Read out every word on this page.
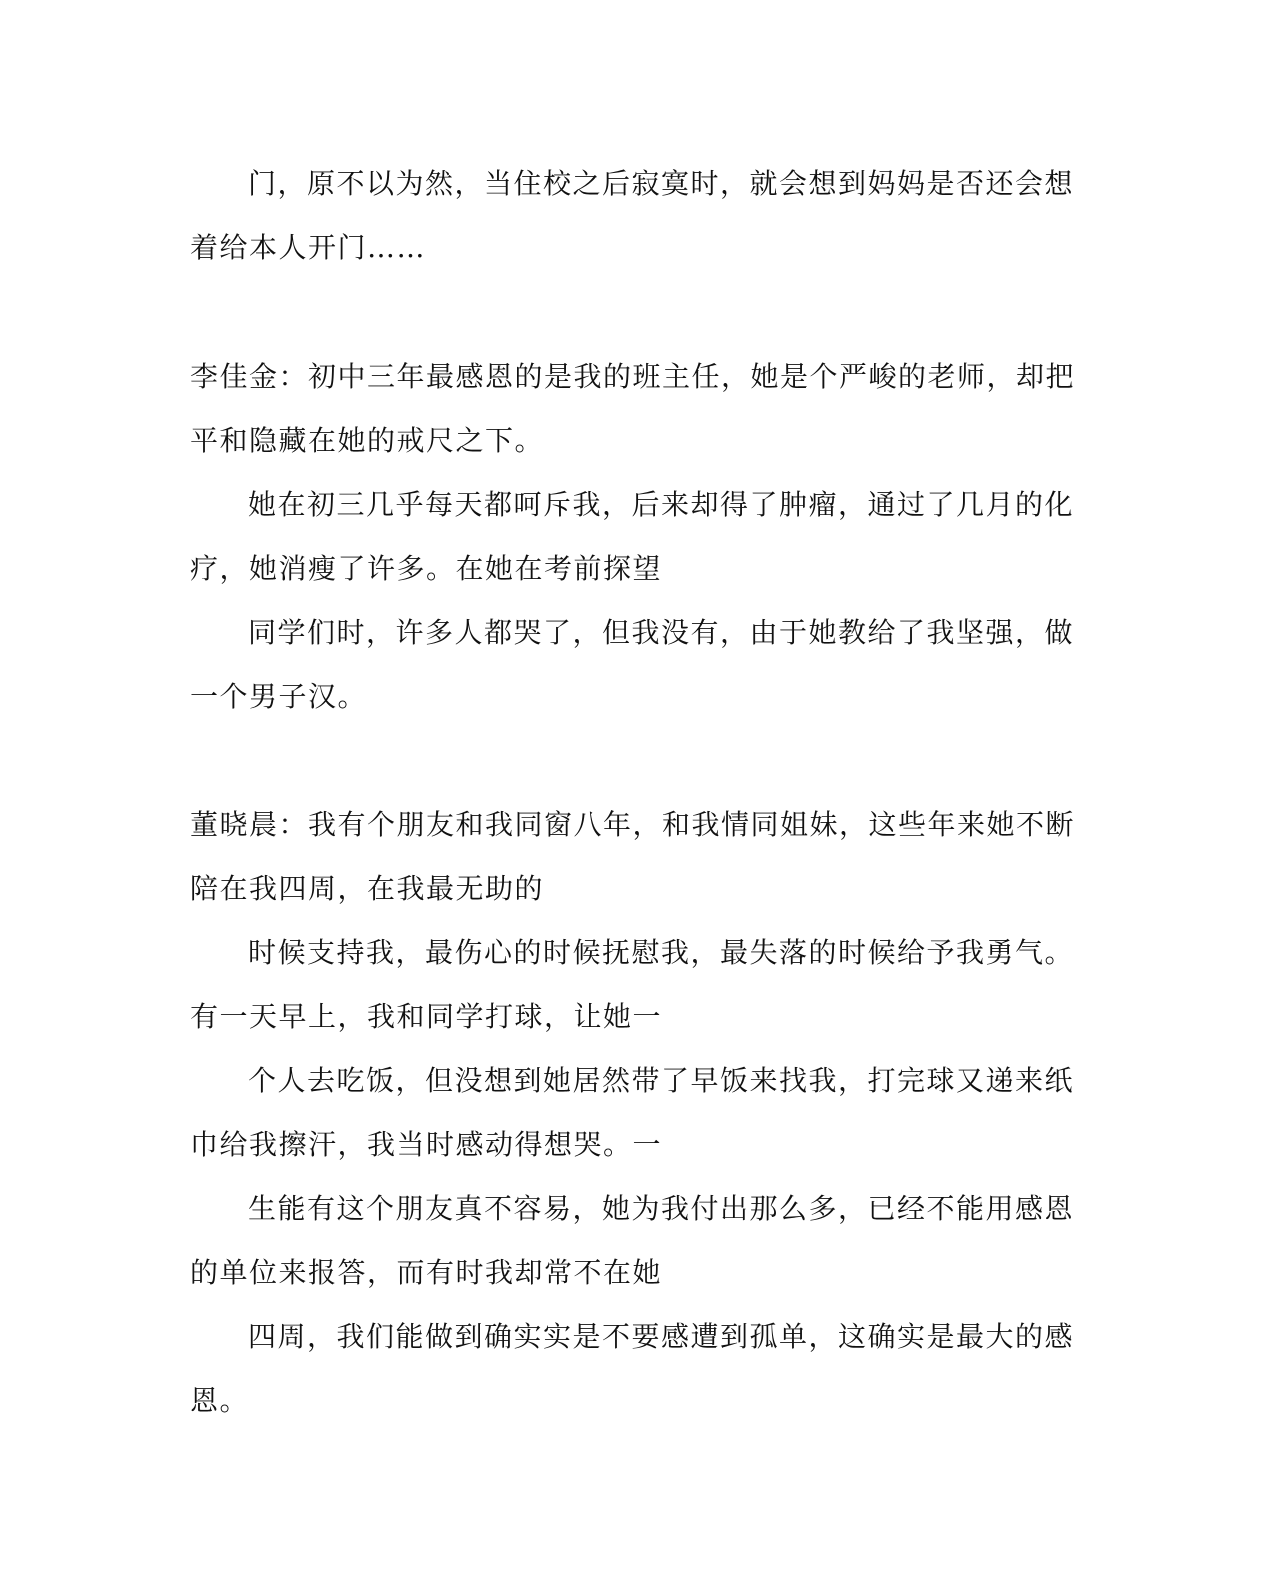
门，原不以为然，当住校之后寂寞时，就会想到妈妈是否还会想
着给本人开门……
李佳金：初中三年最感恩的是我的班主任，她是个严峻的老师，却把
平和隐藏在她的戒尺之下。
她在初三几乎每天都呵斥我，后来却得了肿瘤，通过了几月的化
疗，她消瘦了许多。在她在考前探望
同学们时，许多人都哭了，但我没有，由于她教给了我坚强，做
一个男子汉。
董晓晨：我有个朋友和我同窗八年，和我情同姐妹，这些年来她不断
陪在我四周，在我最无助的
时候支持我，最伤心的时候抚慰我，最失落的时候给予我勇气。
有一天早上，我和同学打球，让她一
个人去吃饭，但没想到她居然带了早饭来找我，打完球又递来纸
巾给我擦汗，我当时感动得想哭。一
生能有这个朋友真不容易，她为我付出那么多，已经不能用感恩
的单位来报答，而有时我却常不在她
四周，我们能做到确实实是不要感遭到孤单，这确实是最大的感
恩。
